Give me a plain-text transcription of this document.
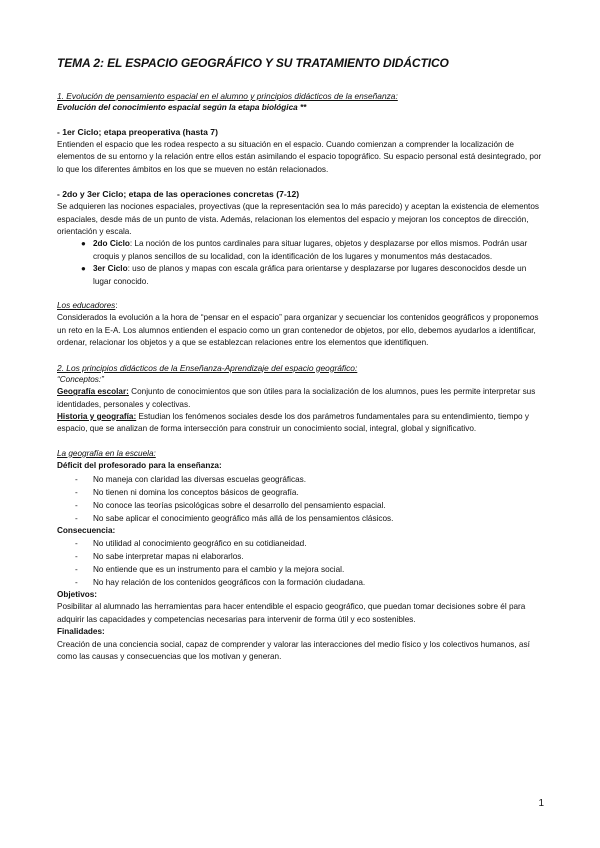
TEMA 2: EL ESPACIO GEOGRÁFICO Y SU TRATAMIENTO DIDÁCTICO

1. Evolución de pensamiento espacial en el alumno y principios didácticos de la enseñanza:

Evolución del conocimiento espacial según la etapa biológica **

- 1er Ciclo; etapa preoperativa (hasta 7)

Entienden el espacio que les rodea respecto a su situación en el espacio. Cuando comienzan a comprender la localización de elementos de su entorno y la relación entre ellos están asimilando el espacio topográfico. Su espacio personal está desintegrado, por lo que los diferentes ámbitos en los que se mueven no están relacionados.

- 2do y 3er Ciclo; etapa de las operaciones concretas (7-12)

Se adquieren las nociones espaciales, proyectivas (que la representación sea lo más parecido) y aceptan la existencia de elementos espaciales, desde más de un punto de vista. Además, relacionan los elementos del espacio y mejoran los conceptos de dirección, orientación y escala.

● 2do Ciclo: La noción de los puntos cardinales para situar lugares, objetos y desplazarse por ellos mismos. Podrán usar croquis y planos sencillos de su localidad, con la identificación de los lugares y monumentos más destacados.
● 3er Ciclo: uso de planos y mapas con escala gráfica para orientarse y desplazarse por lugares desconocidos desde un lugar conocido.

Los educadores:

Considerados la evolución a la hora de “pensar en el espacio” para organizar y secuenciar los contenidos geográficos y proponemos un reto en la E-A. Los alumnos entienden el espacio como un gran contenedor de objetos, por ello, debemos ayudarlos a identificar, ordenar, relacionar los objetos y a que se establezcan relaciones entre los elementos que identifiquen.

2. Los principios didácticos de la Enseñanza-Aprendizaje del espacio geográfico:

“Conceptos:”

Geografía escolar: Conjunto de conocimientos que son útiles para la socialización de los alumnos, pues les permite interpretar sus identidades, personales y colectivas.

Historia y geografía: Estudian los fenómenos sociales desde los dos parámetros fundamentales para su entendimiento, tiempo y espacio, que se analizan de forma intersección para construir un conocimiento social, integral, global y significativo.

La geografía en la escuela:

Déficit del profesorado para la enseñanza:

- No maneja con claridad las diversas escuelas geográficas.
- No tienen ni domina los conceptos básicos de geografía.
- No conoce las teorías psicológicas sobre el desarrollo del pensamiento espacial.
- No sabe aplicar el conocimiento geográfico más allá de los pensamientos clásicos.

Consecuencia:

- No utilidad al conocimiento geográfico en su cotidianeidad.
- No sabe interpretar mapas ni elaborarlos.
- No entiende que es un instrumento para el cambio y la mejora social.
- No hay relación de los contenidos geográficos con la formación ciudadana.

Objetivos:

Posibilitar al alumnado las herramientas para hacer entendible el espacio geográfico, que puedan tomar decisiones sobre él para adquirir las capacidades y competencias necesarias para intervenir de forma útil y eco sostenibles.

Finalidades:

Creación de una conciencia social, capaz de comprender y valorar las interacciones del medio físico y los colectivos humanos, así como las causas y consecuencias que los motivan y generan.

1
